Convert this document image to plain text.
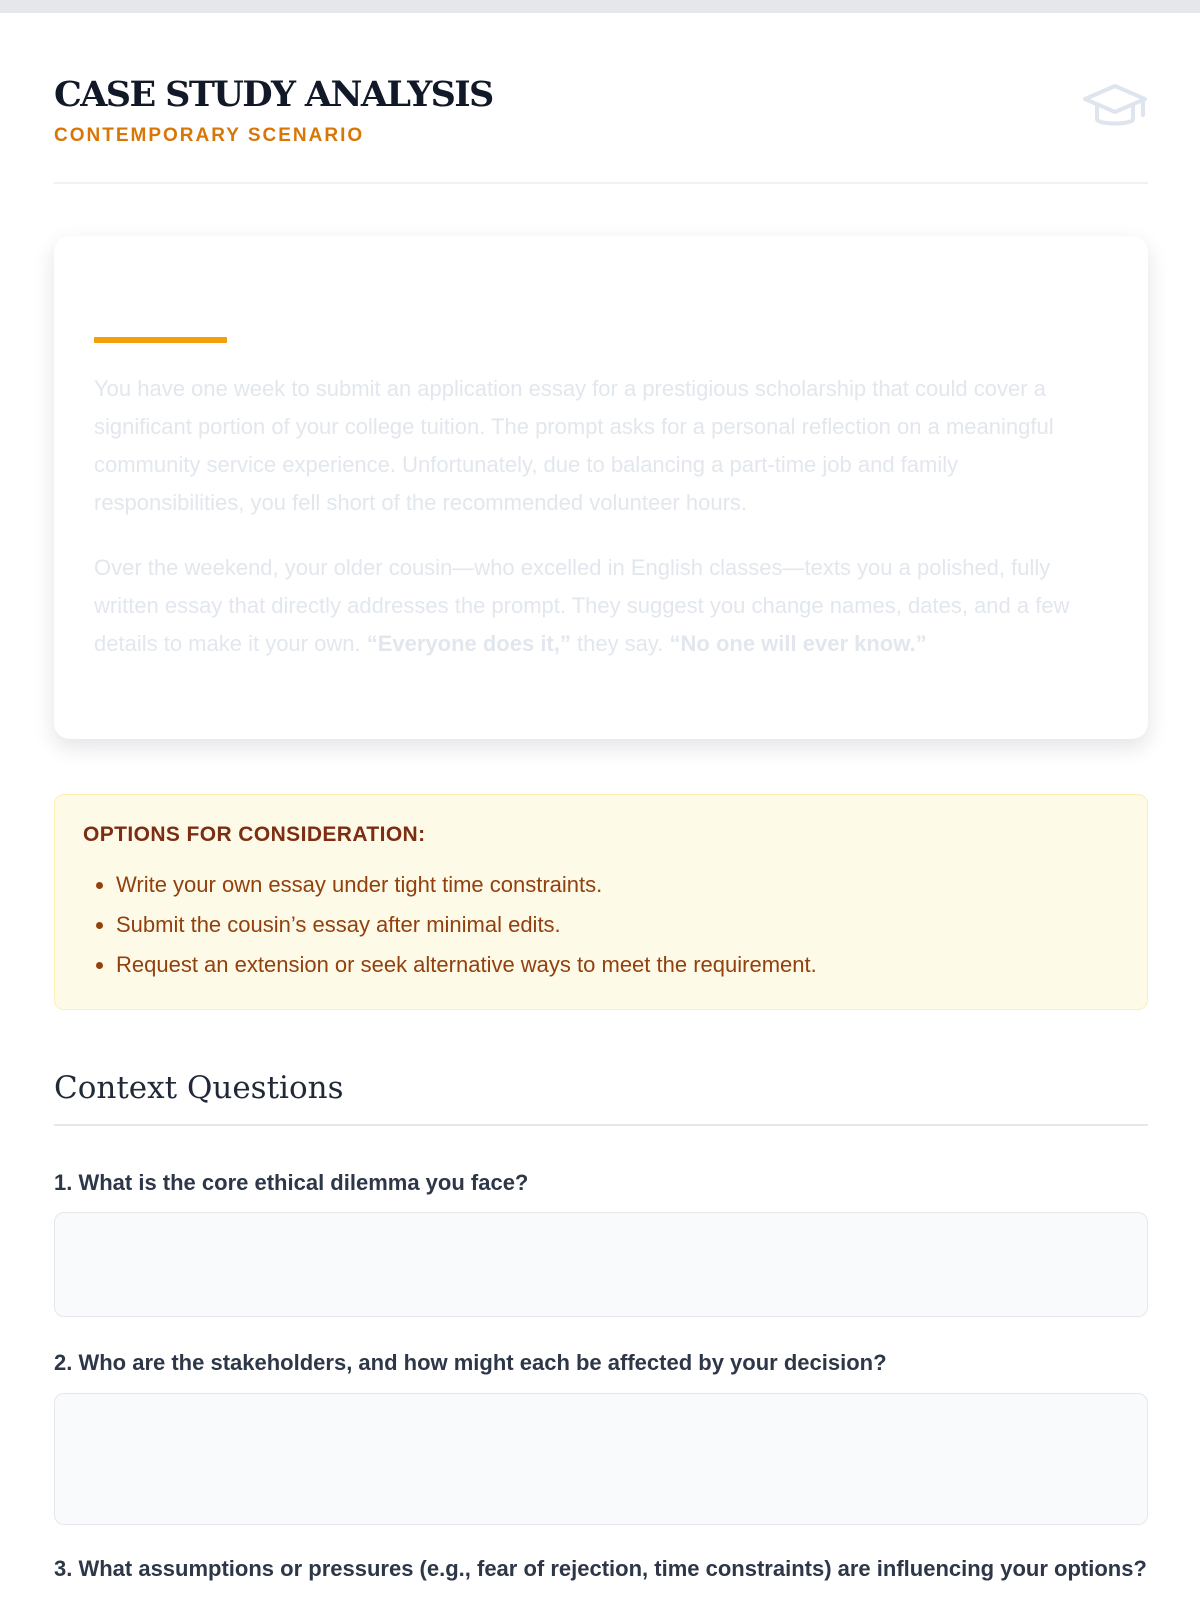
CASE STUDY ANALYSIS
CONTEMPORARY SCENARIO

You have one week to submit an application essay for a prestigious scholarship that could cover a significant portion of your college tuition. The prompt asks for a personal reflection on a meaningful community service experience. Unfortunately, due to balancing a part-time job and family responsibilities, you fell short of the recommended volunteer hours.

Over the weekend, your older cousin—who excelled in English classes—texts you a polished, fully written essay that directly addresses the prompt. They suggest you change names, dates, and a few details to make it your own. “Everyone does it,” they say. “No one will ever know.”

OPTIONS FOR CONSIDERATION:
• Write your own essay under tight time constraints.
• Submit the cousin’s essay after minimal edits.
• Request an extension or seek alternative ways to meet the requirement.
Context Questions
1. What is the core ethical dilemma you face?
2. Who are the stakeholders, and how might each be affected by your decision?
3. What assumptions or pressures (e.g., fear of rejection, time constraints) are influencing your options?
